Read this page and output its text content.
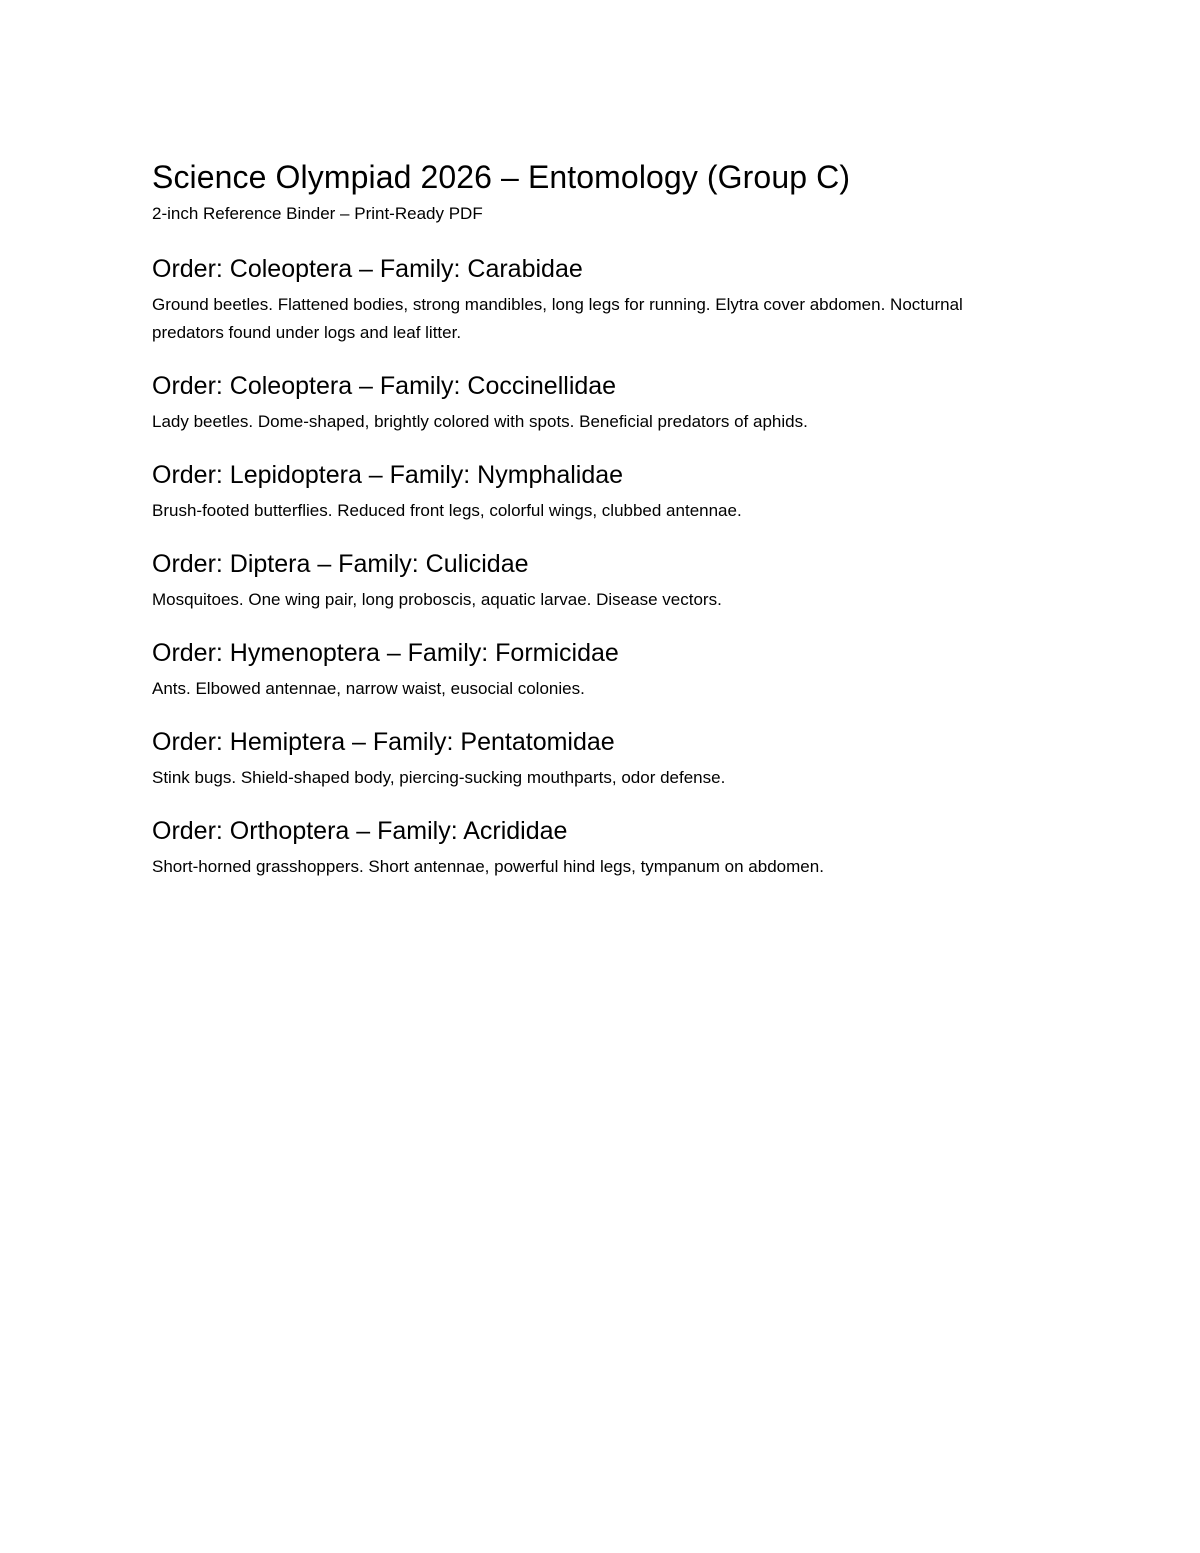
Science Olympiad 2026 – Entomology (Group C)

2-inch Reference Binder – Print-Ready PDF

Order: Coleoptera – Family: Carabidae

Ground beetles. Flattened bodies, strong mandibles, long legs for running. Elytra cover abdomen. Nocturnal predators found under logs and leaf litter.

Order: Coleoptera – Family: Coccinellidae

Lady beetles. Dome-shaped, brightly colored with spots. Beneficial predators of aphids.

Order: Lepidoptera – Family: Nymphalidae

Brush-footed butterflies. Reduced front legs, colorful wings, clubbed antennae.

Order: Diptera – Family: Culicidae

Mosquitoes. One wing pair, long proboscis, aquatic larvae. Disease vectors.

Order: Hymenoptera – Family: Formicidae

Ants. Elbowed antennae, narrow waist, eusocial colonies.

Order: Hemiptera – Family: Pentatomidae

Stink bugs. Shield-shaped body, piercing-sucking mouthparts, odor defense.

Order: Orthoptera – Family: Acrididae

Short-horned grasshoppers. Short antennae, powerful hind legs, tympanum on abdomen.
